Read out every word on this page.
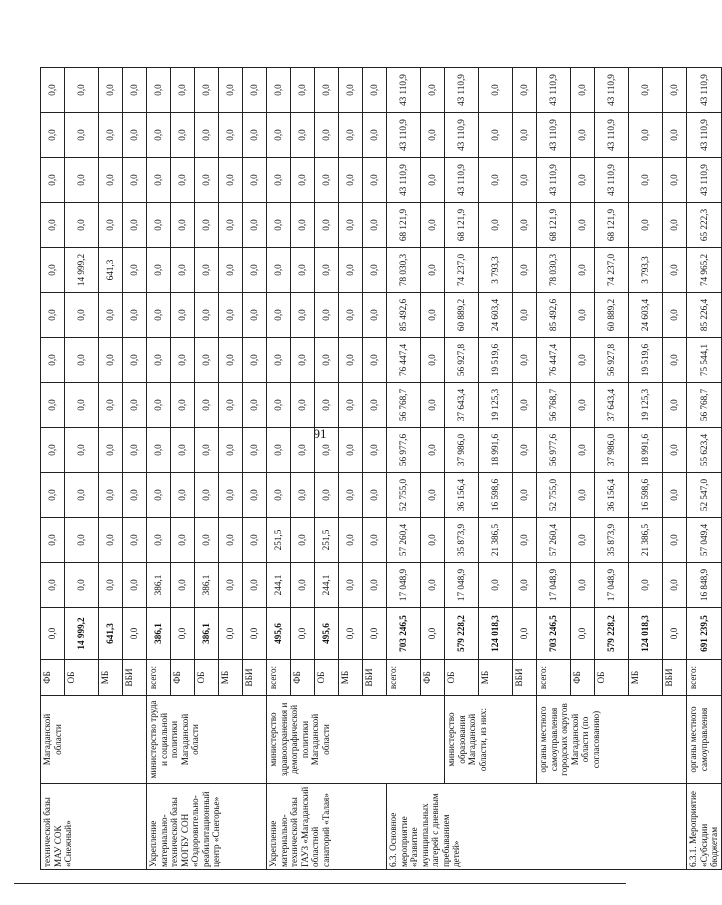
91
технической базы МАУ СОК «Снежный»	Магаданской области	ФБ	0,0	0,0	0,0	0,0	0,0	0,0	0,0	0,0	0,0	0,0	0,0	0,0	0,0
		ОБ	14 999,2	0,0	0,0	0,0	0,0	0,0	0,0	0,0	14 999,2	0,0	0,0	0,0	0,0
		МБ	641,3	0,0	0,0	0,0	0,0	0,0	0,0	0,0	641,3	0,0	0,0	0,0	0,0
		ВБИ	0,0	0,0	0,0	0,0	0,0	0,0	0,0	0,0	0,0	0,0	0,0	0,0	0,0
Укрепление материально-технической базы МОГБУ СОН «Оздоровительно-реабилитационный центр «Снегорье»	министерство труда и социальной политики Магаданской области	всего:	386,1	386,1	0,0	0,0	0,0	0,0	0,0	0,0	0,0	0,0	0,0	0,0	0,0
		ФБ	0,0	0,0	0,0	0,0	0,0	0,0	0,0	0,0	0,0	0,0	0,0	0,0	0,0
		ОБ	386,1	386,1	0,0	0,0	0,0	0,0	0,0	0,0	0,0	0,0	0,0	0,0	0,0
		МБ	0,0	0,0	0,0	0,0	0,0	0,0	0,0	0,0	0,0	0,0	0,0	0,0	0,0
		ВБИ	0,0	0,0	0,0	0,0	0,0	0,0	0,0	0,0	0,0	0,0	0,0	0,0	0,0
Укрепление материально-технической базы ГАУЗ «Магаданский областной санаторий «Талая»	министерство здравоохранения и демографической политики Магаданской области	всего:	495,6	244,1	251,5	0,0	0,0	0,0	0,0	0,0	0,0	0,0	0,0	0,0	0,0
		ФБ	0,0	0,0	0,0	0,0	0,0	0,0	0,0	0,0	0,0	0,0	0,0	0,0	0,0
		ОБ	495,6	244,1	251,5	0,0	0,0	0,0	0,0	0,0	0,0	0,0	0,0	0,0	0,0
		МБ	0,0	0,0	0,0	0,0	0,0	0,0	0,0	0,0	0,0	0,0	0,0	0,0	0,0
		ВБИ	0,0	0,0	0,0	0,0	0,0	0,0	0,0	0,0	0,0	0,0	0,0	0,0	0,0
6.3. Основное мероприятие «Развитие муниципальных лагерей с дневным пребыванием детей»		всего:	703 246,5	17 048,9	57 260,4	52 755,0	56 977,6	56 768,7	76 447,4	85 492,6	78 030,3	68 121,9	43 110,9	43 110,9	43 110,9
		ФБ	0,0	0,0	0,0	0,0	0,0	0,0	0,0	0,0	0,0	0,0	0,0	0,0	0,0
	министерство образования Магаданской области, из них:	ОБ	579 228,2	17 048,9	35 873,9	36 156,4	37 986,0	37 643,4	56 927,8	60 889,2	74 237,0	68 121,9	43 110,9	43 110,9	43 110,9
		МБ	124 018,3	0,0	21 386,5	16 598,6	18 991,6	19 125,3	19 519,6	24 603,4	3 793,3	0,0	0,0	0,0	0,0
		ВБИ	0,0	0,0	0,0	0,0	0,0	0,0	0,0	0,0	0,0	0,0	0,0	0,0	0,0
	органы местного самоуправления городских округов Магаданской области (по согласованию)	всего:	703 246,5	17 048,9	57 260,4	52 755,0	56 977,6	56 768,7	76 447,4	85 492,6	78 030,3	68 121,9	43 110,9	43 110,9	43 110,9
		ФБ	0,0	0,0	0,0	0,0	0,0	0,0	0,0	0,0	0,0	0,0	0,0	0,0	0,0
		ОБ	579 228,2	17 048,9	35 873,9	36 156,4	37 986,0	37 643,4	56 927,8	60 889,2	74 237,0	68 121,9	43 110,9	43 110,9	43 110,9
		МБ	124 018,3	0,0	21 386,5	16 598,6	18 991,6	19 125,3	19 519,6	24 603,4	3 793,3	0,0	0,0	0,0	0,0
		ВБИ	0,0	0,0	0,0	0,0	0,0	0,0	0,0	0,0	0,0	0,0	0,0	0,0	0,0
6.3.1. Мероприятие «Субсидии бюджетам	органы местного самоуправления	всего:	691 239,5	16 848,9	57 049,4	52 547,0	55 623,4	56 768,7	75 544,1	85 226,4	74 965,2	65 222,3	43 110,9	43 110,9	43 110,9
